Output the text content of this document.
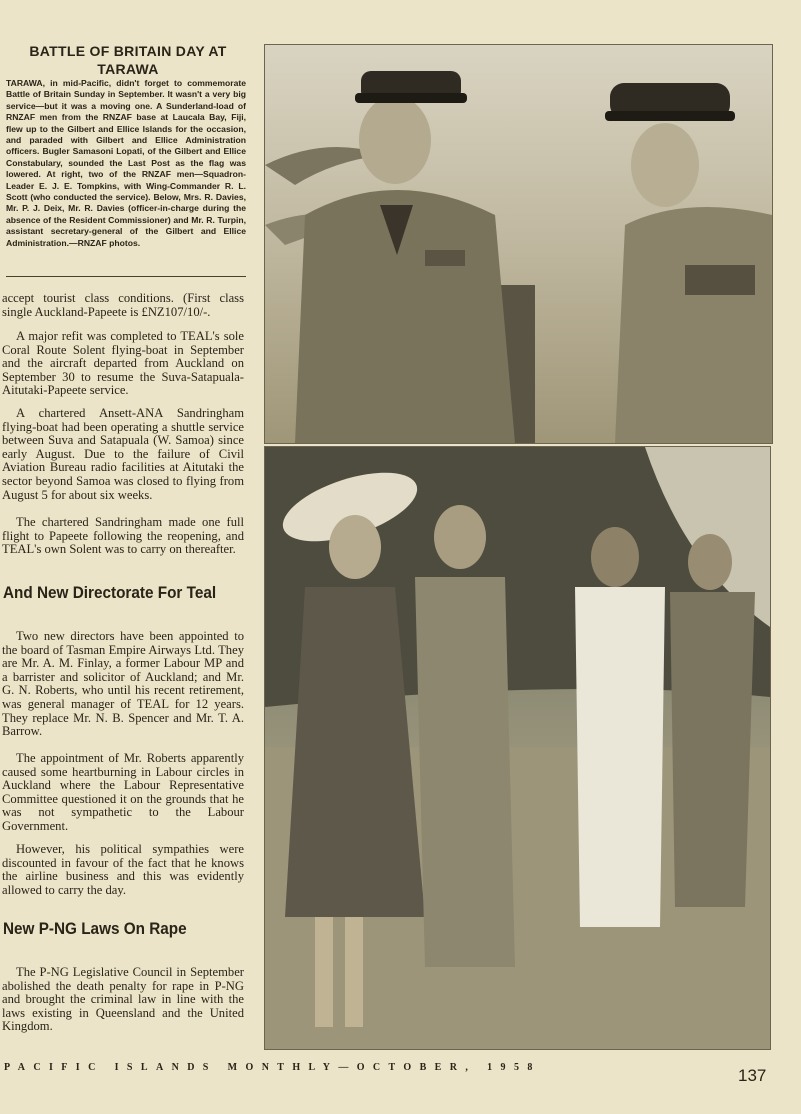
BATTLE OF BRITAIN DAY AT TARAWA
TARAWA, in mid-Pacific, didn't forget to commemorate Battle of Britain Sunday in September. It wasn't a very big service—but it was a moving one. A Sunderland-load of RNZAF men from the RNZAF base at Laucala Bay, Fiji, flew up to the Gilbert and Ellice Islands for the occasion, and paraded with Gilbert and Ellice Administration officers. Bugler Samasoni Lopati, of the Gilbert and Ellice Constabulary, sounded the Last Post as the flag was lowered. At right, two of the RNZAF men—Squadron-Leader E. J. E. Tompkins, with Wing-Commander R. L. Scott (who conducted the service). Below, Mrs. R. Davies, Mr. P. J. Deix, Mr. R. Davies (officer-in-charge during the absence of the Resident Commissioner) and Mr. R. Turpin, assistant secretary-general of the Gilbert and Ellice Administration.—RNZAF photos.

accept tourist class conditions. (First class single Auckland-Papeete is £NZ107/10/-.

A major refit was completed to TEAL's sole Coral Route Solent flying-boat in September and the aircraft departed from Auckland on September 30 to resume the Suva-Satapuala-Aitutaki-Papeete service.

A chartered Ansett-ANA Sandringham flying-boat had been operating a shuttle service between Suva and Satapuala (W. Samoa) since early August. Due to the failure of Civil Aviation Bureau radio facilities at Aitutaki the sector beyond Samoa was closed to flying from August 5 for about six weeks.

The chartered Sandringham made one full flight to Papeete following the reopening, and TEAL's own Solent was to carry on thereafter.

And New Directorate For Teal

Two new directors have been appointed to the board of Tasman Empire Airways Ltd. They are Mr. A. M. Finlay, a former Labour MP and a barrister and solicitor of Auckland; and Mr. G. N. Roberts, who until his recent retirement, was general manager of TEAL for 12 years. They replace Mr. N. B. Spencer and Mr. T. A. Barrow.

The appointment of Mr. Roberts apparently caused some heartburning in Labour circles in Auckland where the Labour Representative Committee questioned it on the grounds that he was not sympathetic to the Labour Government.

However, his political sympathies were discounted in favour of the fact that he knows the airline business and this was evidently allowed to carry the day.

New P-NG Laws On Rape

The P-NG Legislative Council in September abolished the death penalty for rape in P-NG and brought the criminal law in line with the laws existing in Queensland and the United Kingdom.

PACIFIC ISLANDS MONTHLY—OCTOBER, 1958	137
